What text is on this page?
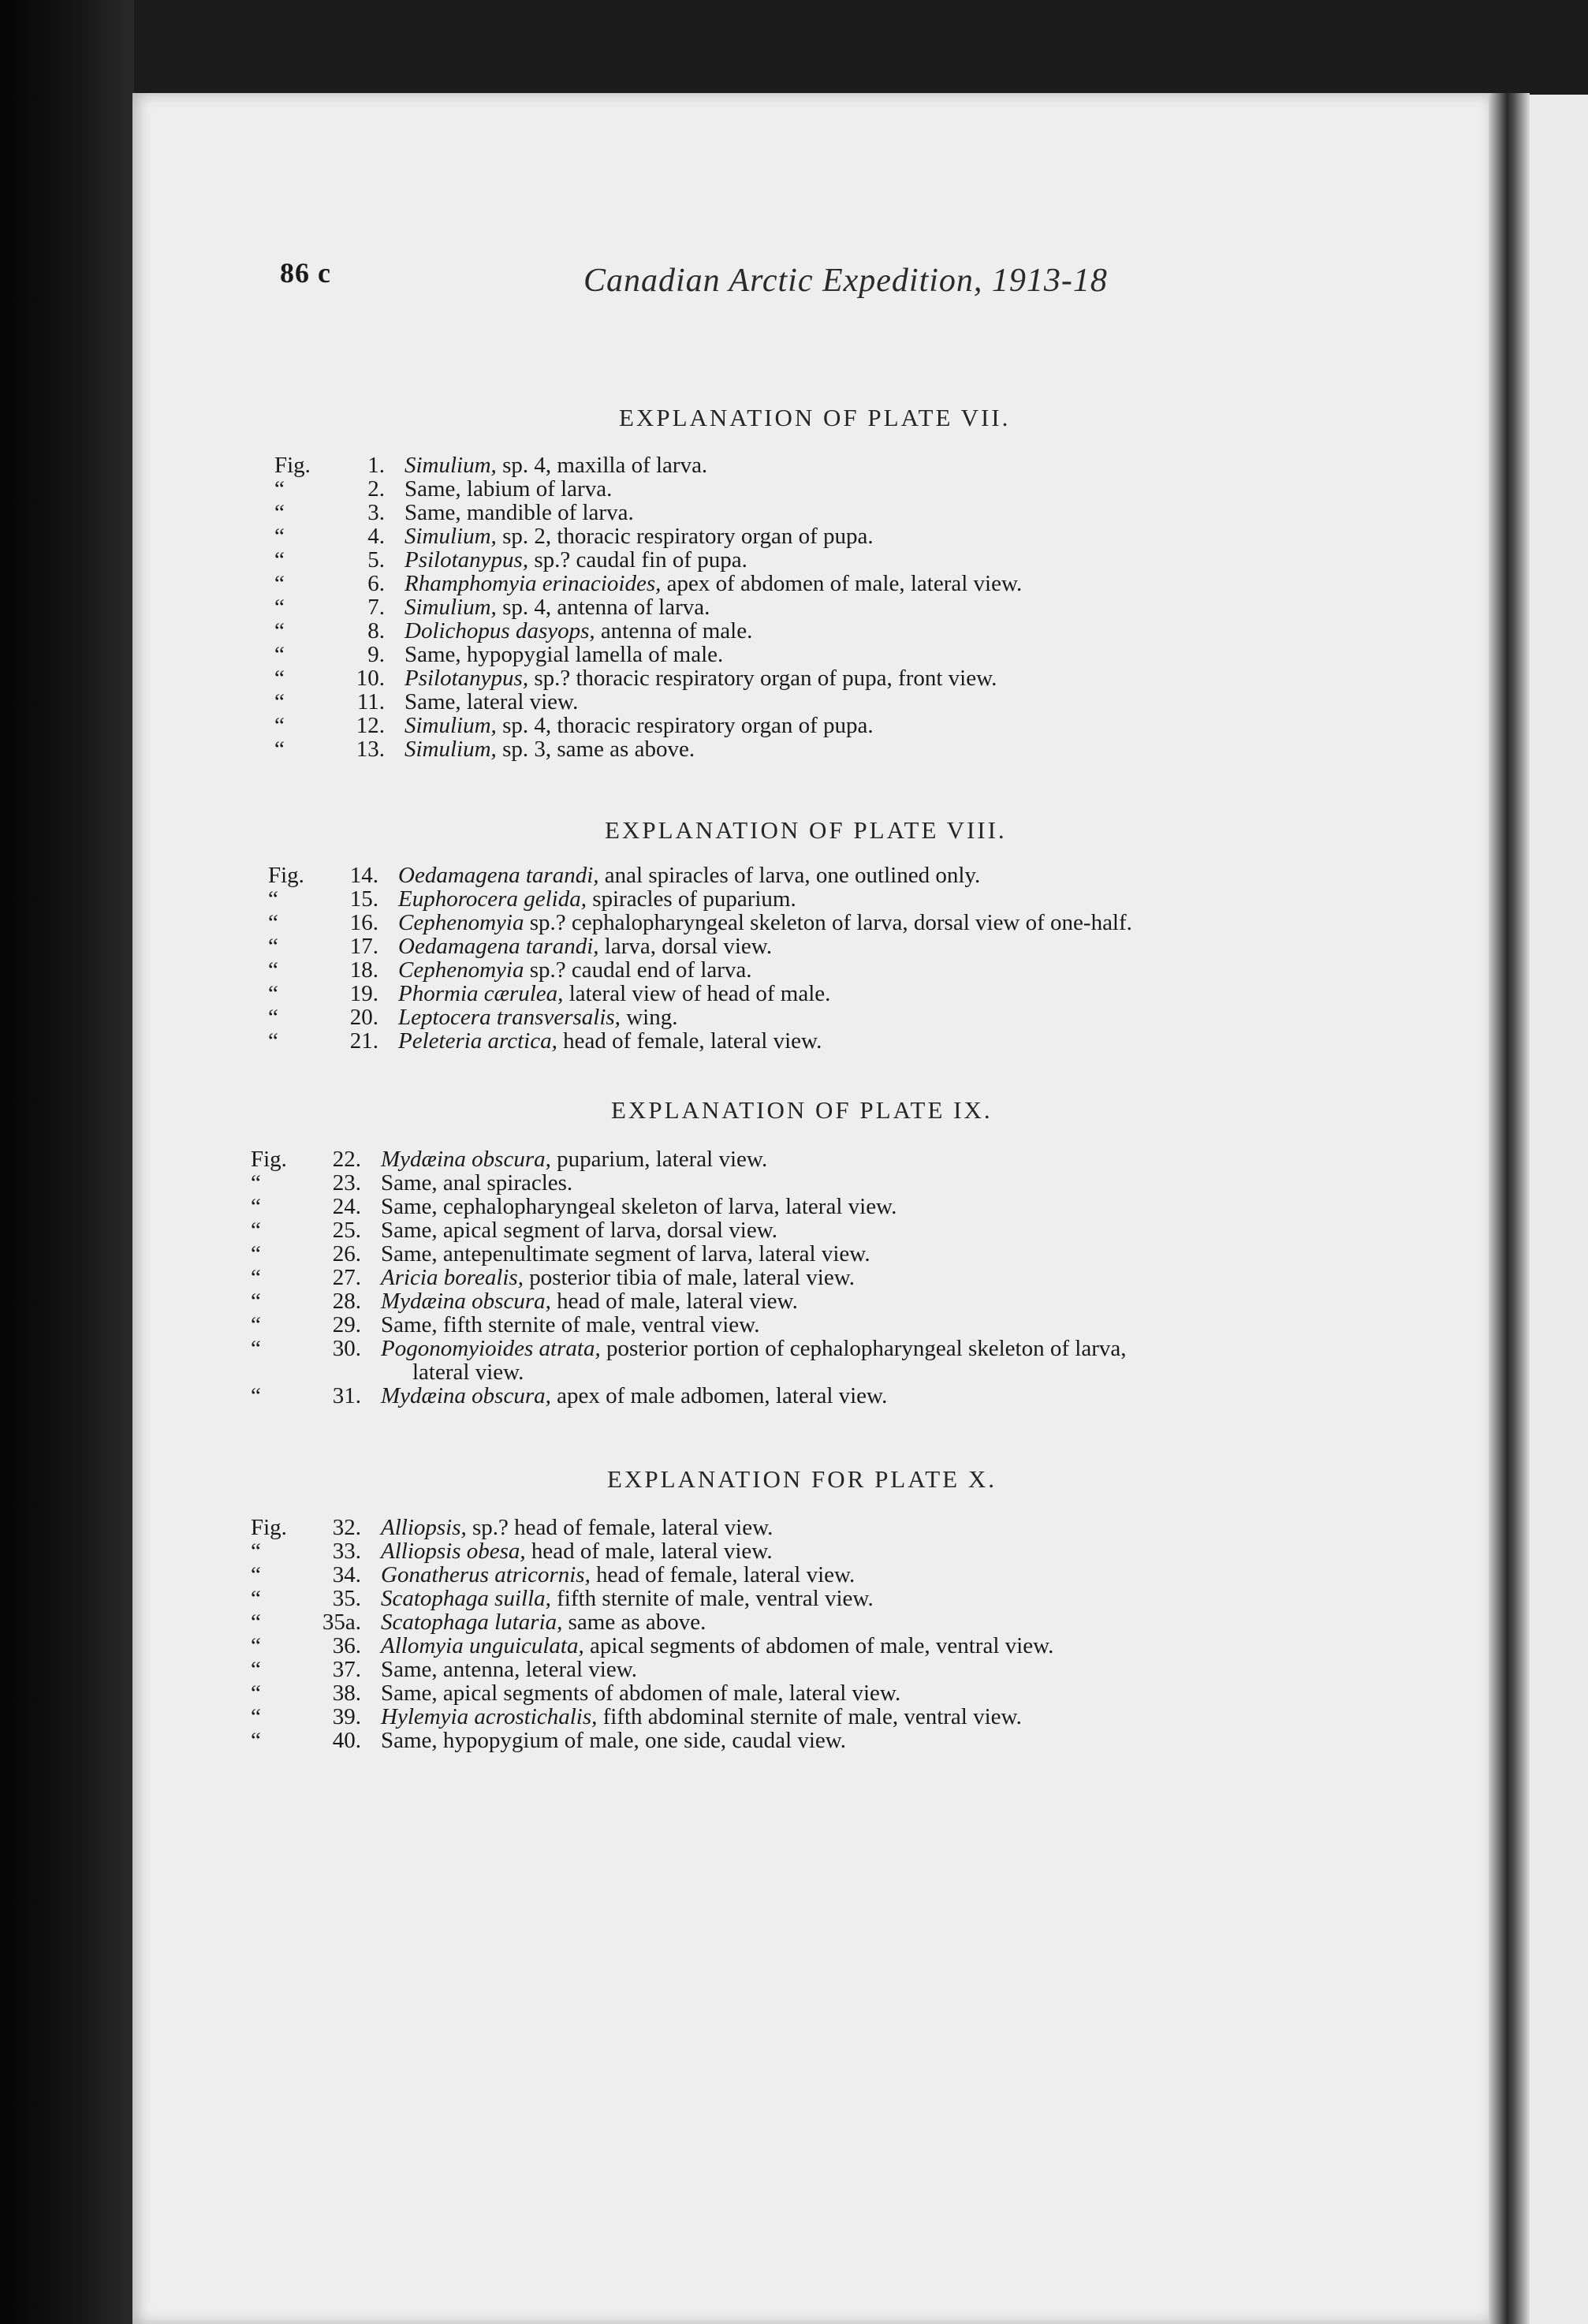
86 c	Canadian Arctic Expedition, 1913-18
EXPLANATION OF PLATE VII.
Fig.	1. Simulium, sp. 4, maxilla of larva.
“	2. Same, labium of larva.
“	3. Same, mandible of larva.
“	4. Simulium, sp. 2, thoracic respiratory organ of pupa.
“	5. Psilotanypus, sp.? caudal fin of pupa.
“	6. Rhamphomyia erinacioides, apex of abdomen of male, lateral view.
“	7. Simulium, sp. 4, antenna of larva.
“	8. Dolichopus dasyops, antenna of male.
“	9. Same, hypopygial lamella of male.
“	10. Psilotanypus, sp.? thoracic respiratory organ of pupa, front view.
“	11. Same, lateral view.
“	12. Simulium, sp. 4, thoracic respiratory organ of pupa.
“	13. Simulium, sp. 3, same as above.
EXPLANATION OF PLATE VIII.
Fig.	14. Oedamagena tarandi, anal spiracles of larva, one outlined only.
“	15. Euphorocera gelida, spiracles of puparium.
“	16. Cephenomyia sp.? cephalopharyngeal skeleton of larva, dorsal view of one-half.
“	17. Oedamagena tarandi, larva, dorsal view.
“	18. Cephenomyia sp.? caudal end of larva.
“	19. Phormia cærulea, lateral view of head of male.
“	20. Leptocera transversalis, wing.
“	21. Peleteria arctica, head of female, lateral view.
EXPLANATION OF PLATE IX.
Fig.	22. Mydæina obscura, puparium, lateral view.
“	23. Same, anal spiracles.
“	24. Same, cephalopharyngeal skeleton of larva, lateral view.
“	25. Same, apical segment of larva, dorsal view.
“	26. Same, antepenultimate segment of larva, lateral view.
“	27. Aricia borealis, posterior tibia of male, lateral view.
“	28. Mydæina obscura, head of male, lateral view.
“	29. Same, fifth sternite of male, ventral view.
“	30. Pogonomyioides atrata, posterior portion of cephalopharyngeal skeleton of larva,
lateral view.
“	31. Mydæina obscura, apex of male adbomen, lateral view.
EXPLANATION FOR PLATE X.
Fig.	32. Alliopsis, sp.? head of female, lateral view.
“	33. Alliopsis obesa, head of male, lateral view.
“	34. Gonatherus atricornis, head of female, lateral view.
“	35. Scatophaga suilla, fifth sternite of male, ventral view.
“	35a. Scatophaga lutaria, same as above.
“	36. Allomyia unguiculata, apical segments of abdomen of male, ventral view.
“	37. Same, antenna, leteral view.
“	38. Same, apical segments of abdomen of male, lateral view.
“	39. Hylemyia acrostichalis, fifth abdominal sternite of male, ventral view.
“	40. Same, hypopygium of male, one side, caudal view.
